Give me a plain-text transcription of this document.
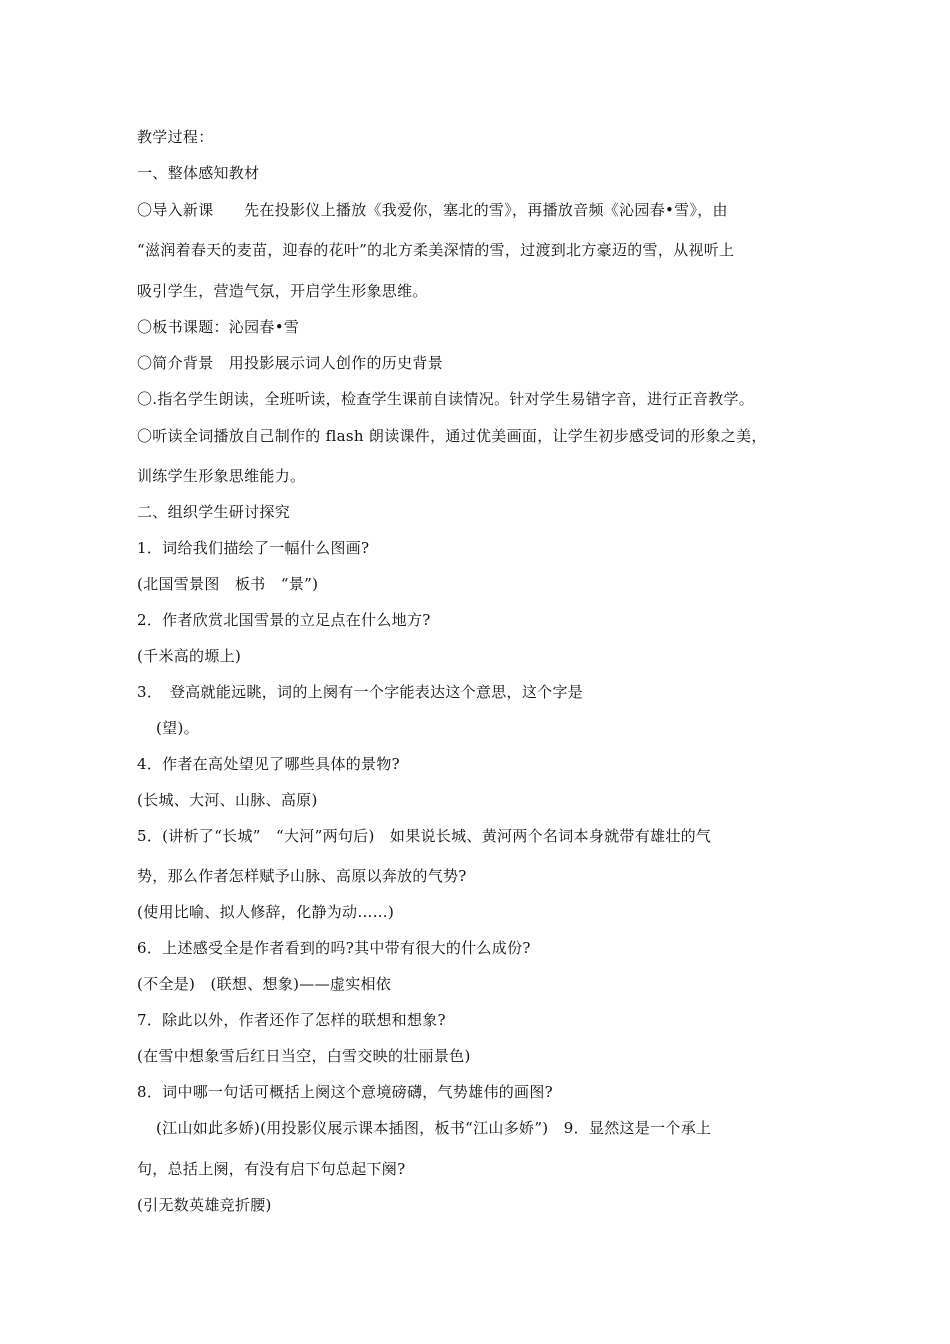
教学过程：
一、整体感知教材
〇导入新课　　先在投影仪上播放《我爱你，塞北的雪》，再播放音频《沁园春•雪》，由
“滋润着春天的麦苗，迎春的花叶”的北方柔美深情的雪，过渡到北方豪迈的雪，从视听上
吸引学生，营造气氛，开启学生形象思维。
〇板书课题：沁园春•雪
〇简介背景　用投影展示词人创作的历史背景
〇.指名学生朗读，全班听读，检查学生课前自读情况。针对学生易错字音，进行正音教学。
〇听读全词播放自己制作的 flash 朗读课件，通过优美画面，让学生初步感受词的形象之美，
训练学生形象思维能力。
二、组织学生研讨探究
1．词给我们描绘了一幅什么图画?
(北国雪景图　板书　“景”)
2．作者欣赏北国雪景的立足点在什么地方?
(千米高的塬上)
3．　登高就能远眺，词的上阕有一个字能表达这个意思，这个字是
(望)。
4．作者在高处望见了哪些具体的景物?
(长城、大河、山脉、高原)
5．(讲析了“长城”　“大河”两句后)　如果说长城、黄河两个名词本身就带有雄壮的气
势，那么作者怎样赋予山脉、高原以奔放的气势?
(使用比喻、拟人修辞，化静为动……)
6．上述感受全是作者看到的吗?其中带有很大的什么成份?
(不全是)　(联想、想象)——虚实相依
7．除此以外，作者还作了怎样的联想和想象?
(在雪中想象雪后红日当空，白雪交映的壮丽景色)
8．词中哪一句话可概括上阕这个意境磅礴，气势雄伟的画图?
(江山如此多娇)(用投影仪展示课本插图，板书“江山多娇”)　9．显然这是一个承上
句，总括上阕，有没有启下句总起下阕?
(引无数英雄竞折腰)
